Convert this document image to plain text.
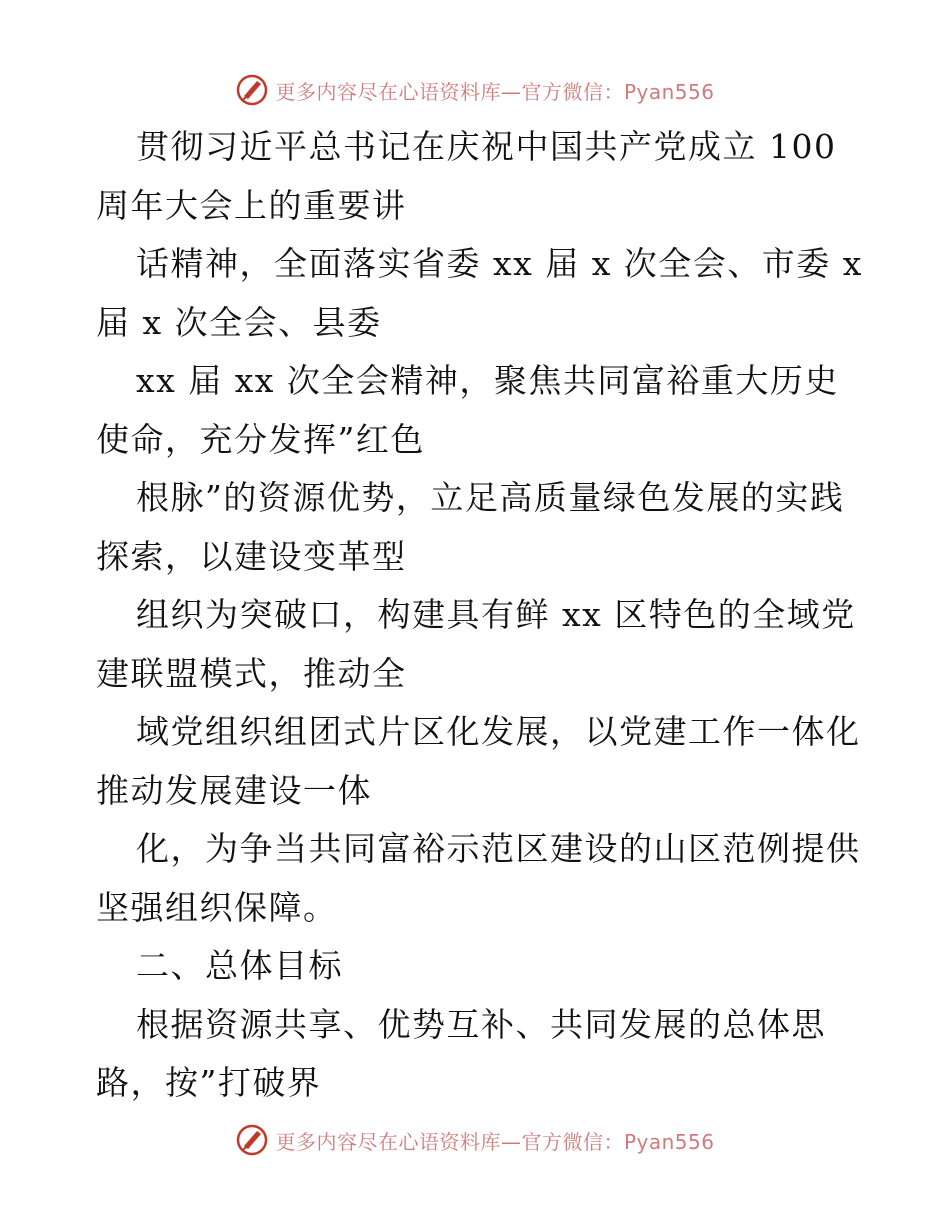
更多内容尽在心语资料库—官方微信：Pyan556
贯彻习近平总书记在庆祝中国共产党成立 100
周年大会上的重要讲
话精神，全面落实省委 xx 届 x 次全会、市委 x
届 x 次全会、县委
xx 届 xx 次全会精神，聚焦共同富裕重大历史
使命，充分发挥”红色
根脉”的资源优势，立足高质量绿色发展的实践
探索，以建设变革型
组织为突破口，构建具有鲜 xx 区特色的全域党
建联盟模式，推动全
域党组织组团式片区化发展，以党建工作一体化
推动发展建设一体
化，为争当共同富裕示范区建设的山区范例提供
坚强组织保障。
二、总体目标
根据资源共享、优势互补、共同发展的总体思
路，按”打破界
更多内容尽在心语资料库—官方微信：Pyan556
